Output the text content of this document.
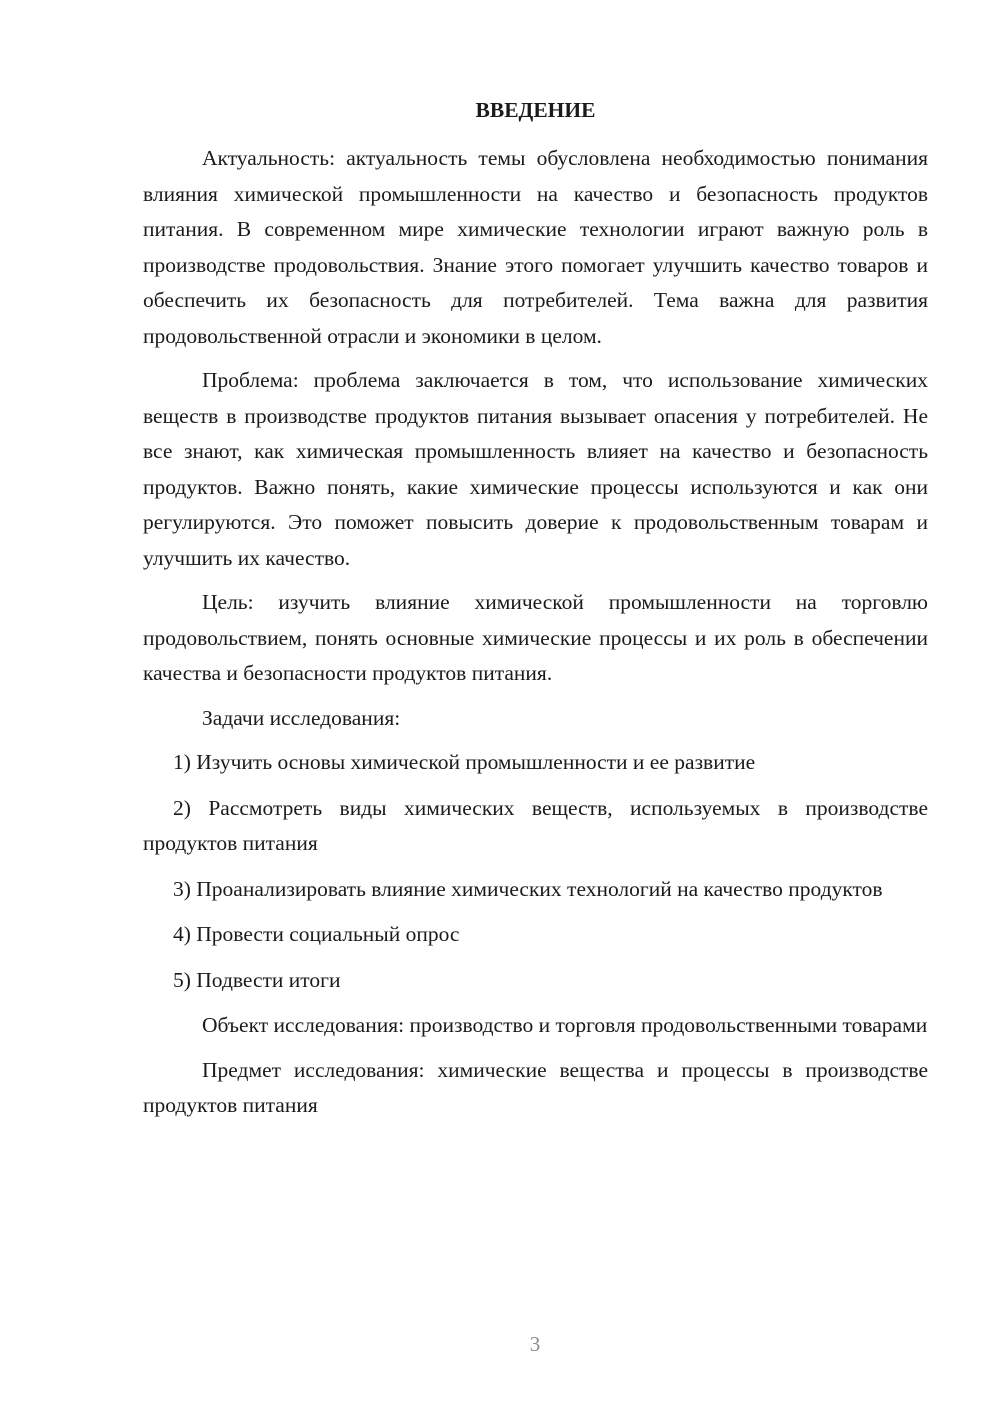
ВВЕДЕНИЕ

Актуальность: актуальность темы обусловлена необходимостью понимания влияния химической промышленности на качество и безопасность продуктов питания. В современном мире химические технологии играют важную роль в производстве продовольствия. Знание этого помогает улучшить качество товаров и обеспечить их безопасность для потребителей. Тема важна для развития продовольственной отрасли и экономики в целом.

Проблема: проблема заключается в том, что использование химических веществ в производстве продуктов питания вызывает опасения у потребителей. Не все знают, как химическая промышленность влияет на качество и безопасность продуктов. Важно понять, какие химические процессы используются и как они регулируются. Это поможет повысить доверие к продовольственным товарам и улучшить их качество.

Цель: изучить влияние химической промышленности на торговлю продовольствием, понять основные химические процессы и их роль в обеспечении качества и безопасности продуктов питания.

Задачи исследования:

1) Изучить основы химической промышленности и ее развитие

2) Рассмотреть виды химических веществ, используемых в производстве продуктов питания

3) Проанализировать влияние химических технологий на качество продуктов

4) Провести социальный опрос

5) Подвести итоги

Объект исследования: производство и торговля продовольственными товарами

Предмет исследования: химические вещества и процессы в производстве продуктов питания

3
